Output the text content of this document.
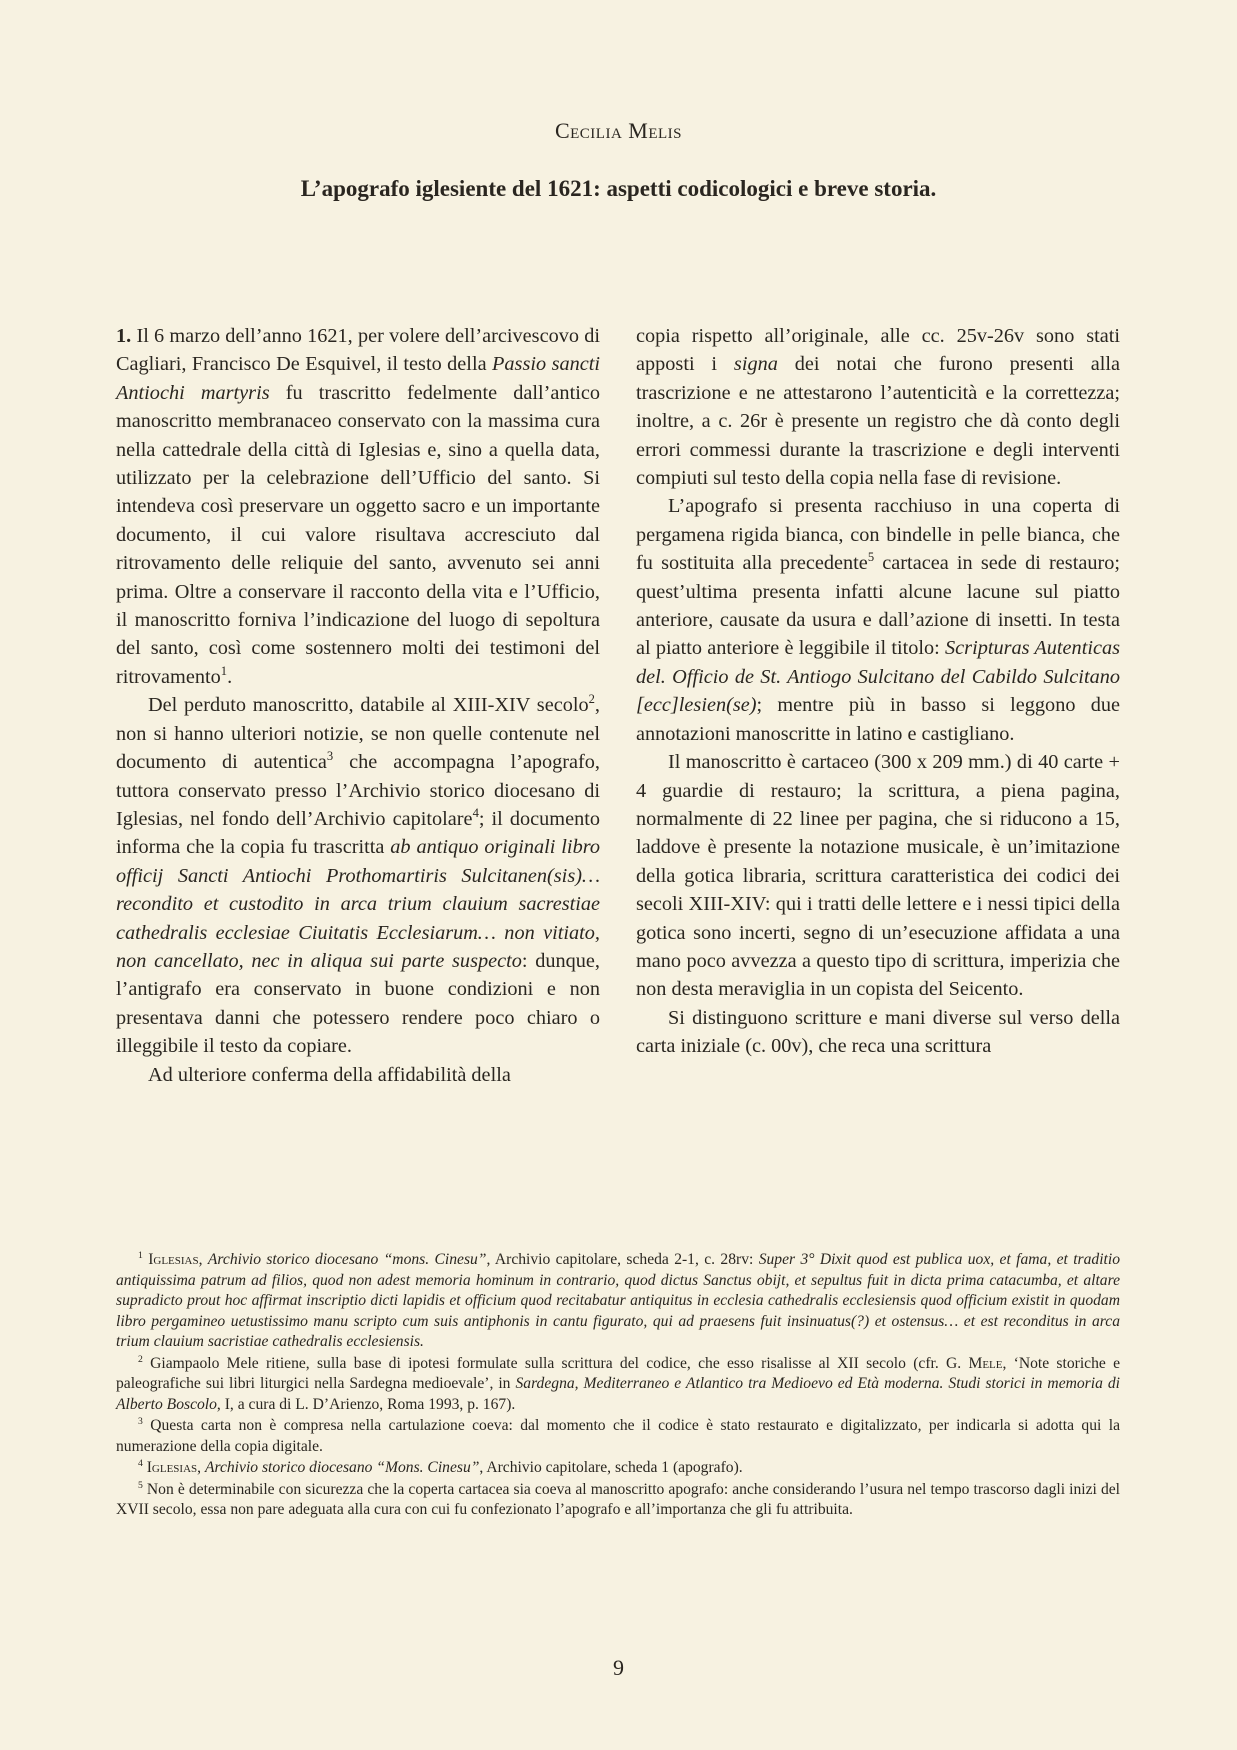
Cecilia Melis
L’apografo iglesiente del 1621: aspetti codicologici e breve storia.

1. Il 6 marzo dell’anno 1621, per volere dell’arcivescovo di Cagliari, Francisco De Esquivel, il testo della Passio sancti Antiochi martyris fu trascritto fedelmente dall’antico manoscritto membranaceo conservato con la massima cura nella cattedrale della città di Iglesias e, sino a quella data, utilizzato per la celebrazione dell’Ufficio del santo. Si intendeva così preservare un oggetto sacro e un importante documento, il cui valore risultava accresciuto dal ritrovamento delle reliquie del santo, avvenuto sei anni prima. Oltre a conservare il racconto della vita e l’Ufficio, il manoscritto forniva l’indicazione del luogo di sepoltura del santo, così come sostennero molti dei testimoni del ritrovamento$^1$.

Del perduto manoscritto, databile al XIII-XIV secolo$^2$, non si hanno ulteriori notizie, se non quelle contenute nel documento di autentica$^3$ che accompagna l’apografo, tuttora conservato presso l’Archivio storico diocesano di Iglesias, nel fondo dell’Archivio capitolare$^4$; il documento informa che la copia fu trascritta ab antiquo originali libro officij Sancti Antiochi Prothomartiris Sulcitanen(sis)… recondito et custodito in arca trium clauium sacrestiae cathedralis ecclesiae Ciuitatis Ecclesiarum… non vitiato, non cancellato, nec in aliqua sui parte suspecto: dunque, l’antigrafo era conservato in buone condizioni e non presentava danni che potessero rendere poco chiaro o illeggibile il testo da copiare.

Ad ulteriore conferma della affidabilità della

copia rispetto all’originale, alle cc. 25v-26v sono stati apposti i signa dei notai che furono presenti alla trascrizione e ne attestarono l’autenticità e la correttezza; inoltre, a c. 26r è presente un registro che dà conto degli errori commessi durante la trascrizione e degli interventi compiuti sul testo della copia nella fase di revisione.

L’apografo si presenta racchiuso in una coperta di pergamena rigida bianca, con bindelle in pelle bianca, che fu sostituita alla precedente$^5$ cartacea in sede di restauro; quest’ultima presenta infatti alcune lacune sul piatto anteriore, causate da usura e dall’azione di insetti. In testa al piatto anteriore è leggibile il titolo: Scripturas Autenticas del. Officio de St. Antiogo Sulcitano del Cabildo Sulcitano [ecc]lesien(se); mentre più in basso si leggono due annotazioni manoscritte in latino e castigliano.

Il manoscritto è cartaceo (300 x 209 mm.) di 40 carte + 4 guardie di restauro; la scrittura, a piena pagina, normalmente di 22 linee per pagina, che si riducono a 15, laddove è presente la notazione musicale, è un’imitazione della gotica libraria, scrittura caratteristica dei codici dei secoli XIII-XIV: qui i tratti delle lettere e i nessi tipici della gotica sono incerti, segno di un’esecuzione affidata a una mano poco avvezza a questo tipo di scrittura, imperizia che non desta meraviglia in un copista del Seicento.

Si distinguono scritture e mani diverse sul verso della carta iniziale (c. 00v), che reca una scrittura

$^1$ Iglesias, Archivio storico diocesano “mons. Cinesu”, Archivio capitolare, scheda 2-1, c. 28rv: Super 3° Dixit quod est publica uox, et fama, et traditio antiquissima patrum ad filios, quod non adest memoria hominum in contrario, quod dictus Sanctus obijt, et sepultus fuit in dicta prima catacumba, et altare supradicto prout hoc affirmat inscriptio dicti lapidis et officium quod recitabatur antiquitus in ecclesia cathedralis ecclesiensis quod officium existit in quodam libro pergamineo uetustissimo manu scripto cum suis antiphonis in cantu figurato, qui ad praesens fuit insinuatus(?) et ostensus… et est reconditus in arca trium clauium sacristiae cathedralis ecclesiensis.

$^2$ Giampaolo Mele ritiene, sulla base di ipotesi formulate sulla scrittura del codice, che esso risalisse al XII secolo (cfr. G. Mele, ‘Note storiche e paleografiche sui libri liturgici nella Sardegna medioevale’, in Sardegna, Mediterraneo e Atlantico tra Medioevo ed Età moderna. Studi storici in memoria di Alberto Boscolo, I, a cura di L. D’Arienzo, Roma 1993, p. 167).

$^3$ Questa carta non è compresa nella cartulazione coeva: dal momento che il codice è stato restaurato e digitalizzato, per indicarla si adotta qui la numerazione della copia digitale.

$^4$ Iglesias, Archivio storico diocesano “Mons. Cinesu”, Archivio capitolare, scheda 1 (apografo).

$^5$ Non è determinabile con sicurezza che la coperta cartacea sia coeva al manoscritto apografo: anche considerando l’usura nel tempo trascorso dagli inizi del XVII secolo, essa non pare adeguata alla cura con cui fu confezionato l’apografo e all’importanza che gli fu attribuita.

9
